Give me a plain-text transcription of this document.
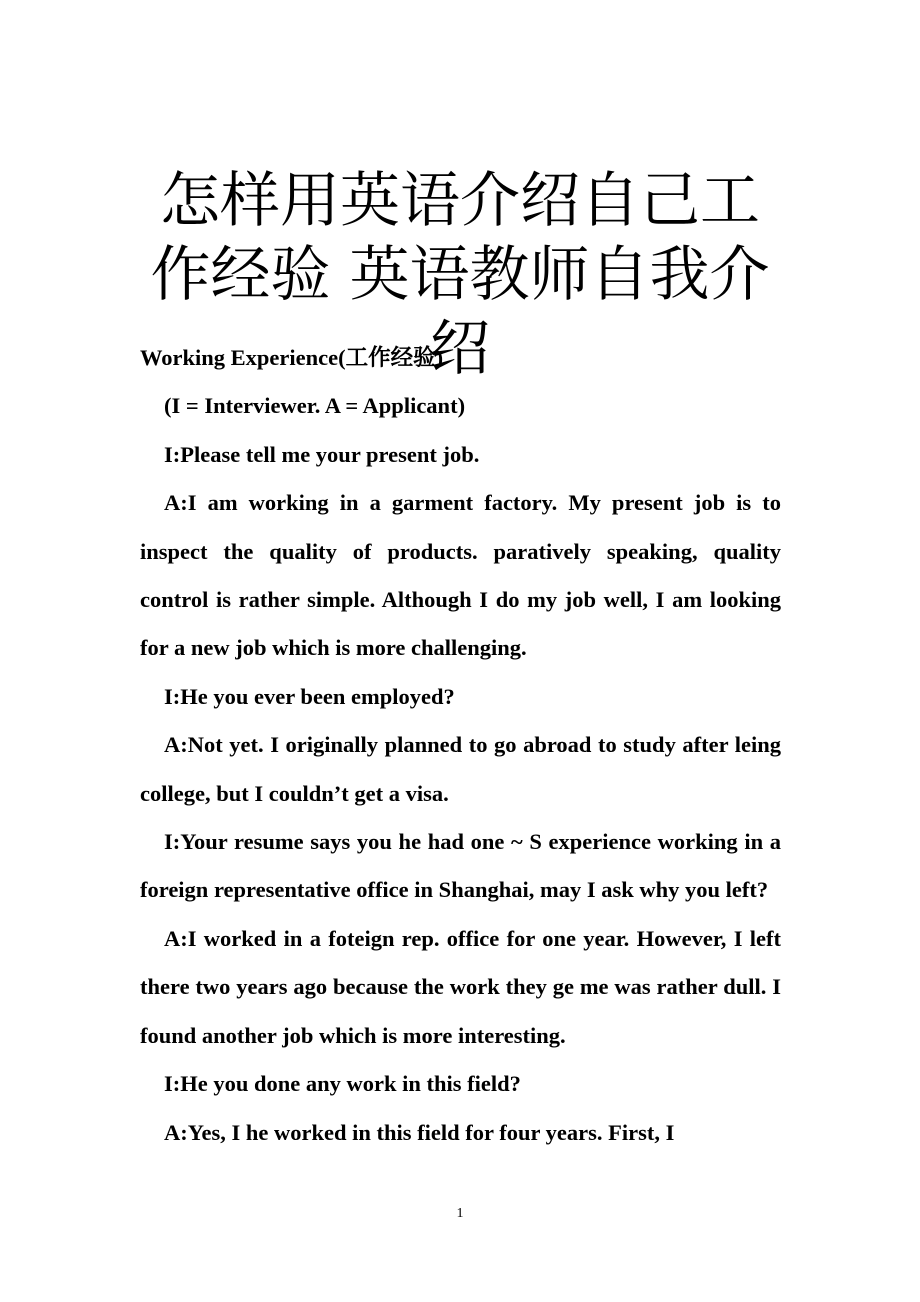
怎样用英语介绍自己工作经验 英语教师自我介绍

Working Experience(工作经验)

(I = Interviewer. A = Applicant)

I:Please tell me your present job.

A:I am working in a garment factory. My present job is to inspect the quality of products. paratively speaking, quality control is rather simple. Although I do my job well, I am looking for a new job which is more challenging.

I:He you ever been employed?

A:Not yet. I originally planned to go abroad to study after leing college, but I couldn’t get a visa.

I:Your resume says you he had one ~ S experience working in a foreign representative office in Shanghai, may I ask why you left?

A:I worked in a foteign rep. office for one year. However, I left there two years ago because the work they ge me was rather dull. I found another job which is more interesting.

I:He you done any work in this field?

A:Yes, I he worked in this field for four years. First, I

1
